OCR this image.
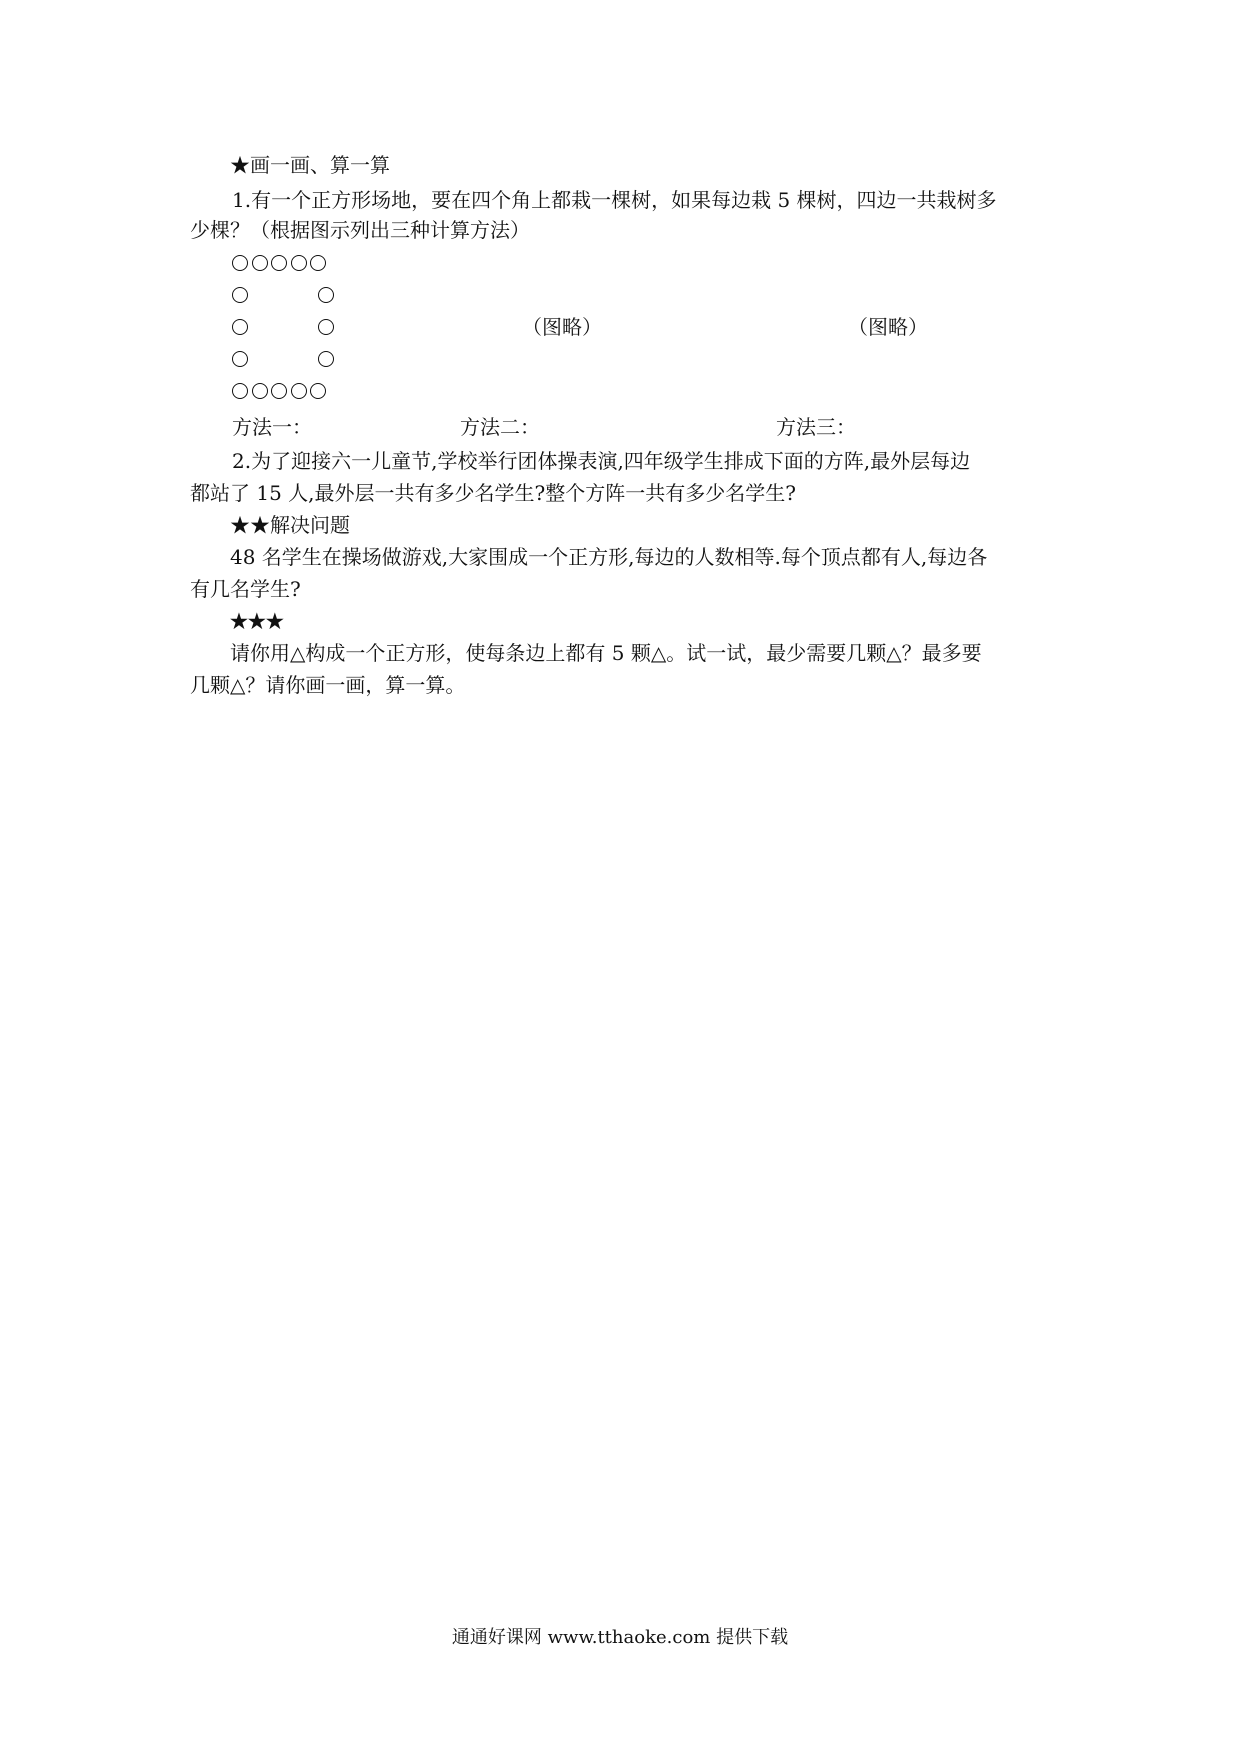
★画一画、算一算
1.有一个正方形场地，要在四个角上都栽一棵树，如果每边栽 5 棵树，四边一共栽树多
少棵？（根据图示列出三种计算方法）
（图略）	（图略）
方法一：	方法二：	方法三：
2.为了迎接六一儿童节,学校举行团体操表演,四年级学生排成下面的方阵,最外层每边
都站了 15 人,最外层一共有多少名学生?整个方阵一共有多少名学生?
★★解决问题
48 名学生在操场做游戏,大家围成一个正方形,每边的人数相等.每个顶点都有人,每边各
有几名学生?
★★★
请你用△构成一个正方形，使每条边上都有 5 颗△。试一试，最少需要几颗△？最多要
几颗△？请你画一画，算一算。
通通好课网 www.tthaoke.com 提供下载
